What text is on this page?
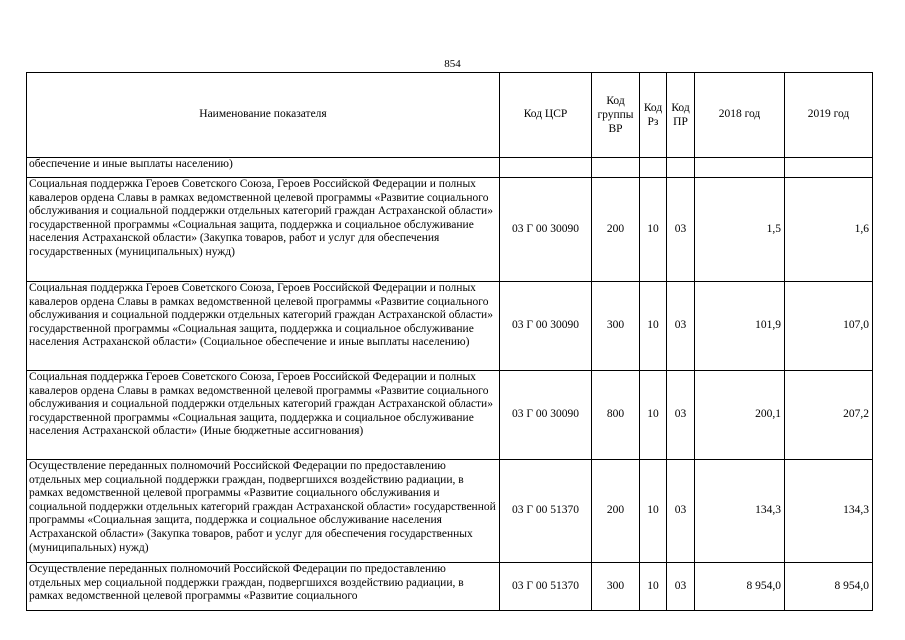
854
Наименование показателя	Код ЦСР	Код группы ВР	Код Рз	Код ПР	2018 год	2019 год
обеспечение и иные выплаты населению)						
Социальная поддержка Героев Советского Союза, Героев Российской Федерации и полных кавалеров ордена Славы в рамках ведомственной целевой программы «Развитие социального обслуживания и социальной поддержки отдельных категорий граждан Астраханской области» государственной программы «Социальная защита, поддержка и социальное обслуживание населения Астраханской области» (Закупка товаров, работ и услуг для обеспечения государственных (муниципальных) нужд)	03 Г 00 30090	200	10	03	1,5	1,6
Социальная поддержка Героев Советского Союза, Героев Российской Федерации и полных кавалеров ордена Славы в рамках ведомственной целевой программы «Развитие социального обслуживания и социальной поддержки отдельных категорий граждан Астраханской области» государственной программы «Социальная защита, поддержка и социальное обслуживание населения Астраханской области» (Социальное обеспечение и иные выплаты населению)	03 Г 00 30090	300	10	03	101,9	107,0
Социальная поддержка Героев Советского Союза, Героев Российской Федерации и полных кавалеров ордена Славы в рамках ведомственной целевой программы «Развитие социального обслуживания и социальной поддержки отдельных категорий граждан Астраханской области» государственной программы «Социальная защита, поддержка и социальное обслуживание населения Астраханской области» (Иные бюджетные ассигнования)	03 Г 00 30090	800	10	03	200,1	207,2
Осуществление переданных полномочий Российской Федерации по предоставлению отдельных мер социальной поддержки граждан, подвергшихся воздействию радиации, в рамках ведомственной целевой программы «Развитие социального обслуживания и социальной поддержки отдельных категорий граждан Астраханской области» государственной программы «Социальная защита, поддержка и социальное обслуживание населения Астраханской области» (Закупка товаров, работ и услуг для обеспечения государственных (муниципальных) нужд)	03 Г 00 51370	200	10	03	134,3	134,3
Осуществление переданных полномочий Российской Федерации по предоставлению отдельных мер социальной поддержки граждан, подвергшихся воздействию радиации, в рамках ведомственной целевой программы «Развитие социального	03 Г 00 51370	300	10	03	8 954,0	8 954,0
